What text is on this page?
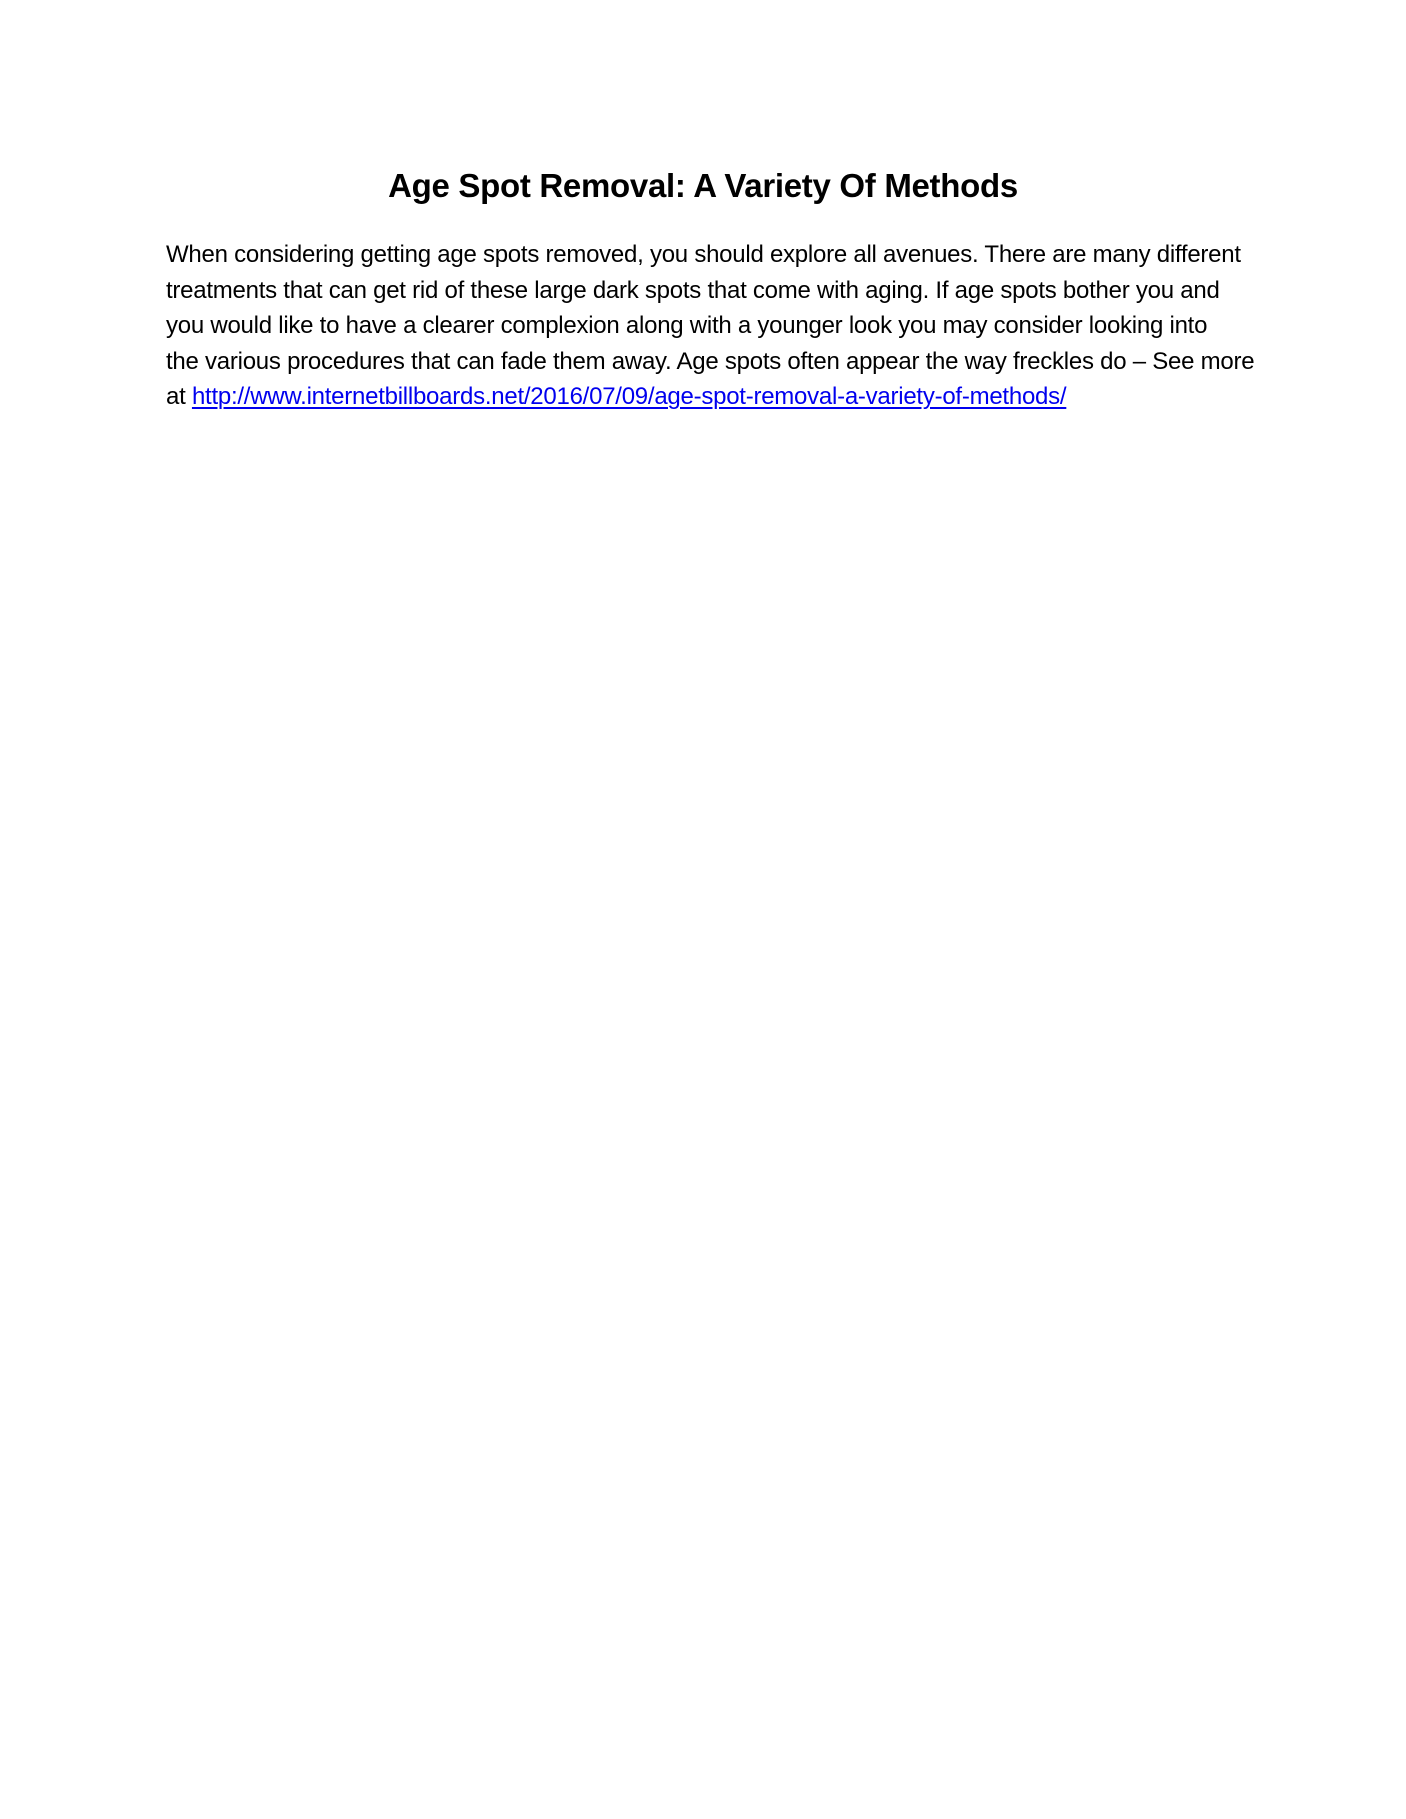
Age Spot Removal: A Variety Of Methods

When considering getting age spots removed, you should explore all avenues. There are many different
treatments that can get rid of these large dark spots that come with aging. If age spots bother you and
you would like to have a clearer complexion along with a younger look you may consider looking into
the various procedures that can fade them away. Age spots often appear the way freckles do – See more
at http://www.internetbillboards.net/2016/07/09/age-spot-removal-a-variety-of-methods/
